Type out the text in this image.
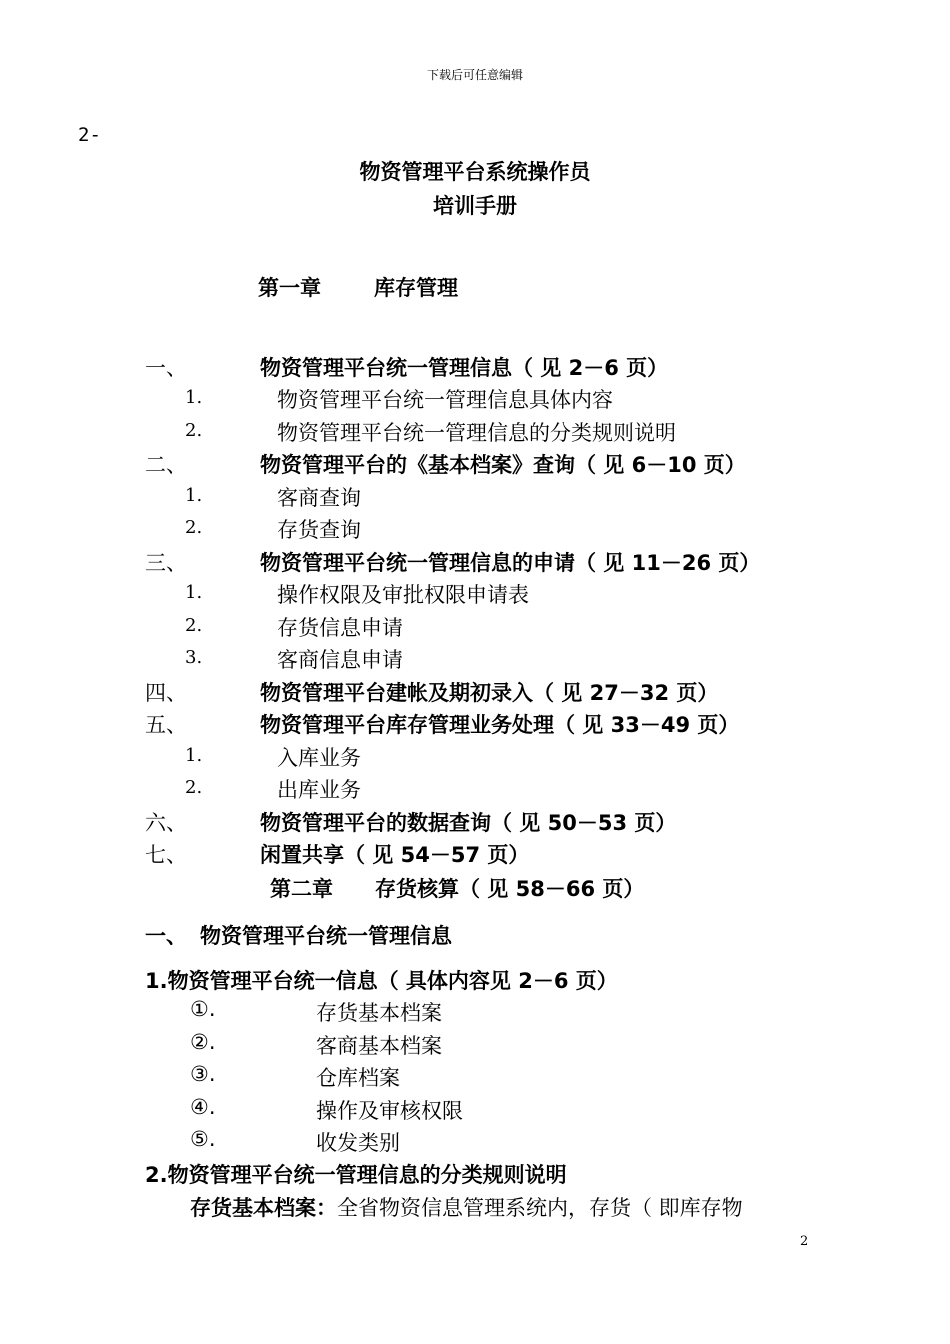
下载后可任意编辑
2-
物资管理平台系统操作员
培训手册
第一章	库存管理
一、	物资管理平台统一管理信息（ 见 2－6 页）
1.	物资管理平台统一管理信息具体内容
2.	物资管理平台统一管理信息的分类规则说明
二、	物资管理平台的《基本档案》查询（ 见 6－10 页）
1.	客商查询
2.	存货查询
三、	物资管理平台统一管理信息的申请（ 见 11－26 页）
1.	操作权限及审批权限申请表
2.	存货信息申请
3.	客商信息申请
四、	物资管理平台建帐及期初录入（ 见 27－32 页）
五、	物资管理平台库存管理业务处理（ 见 33－49 页）
1.	入库业务
2.	出库业务
六、	物资管理平台的数据查询（ 见 50－53 页）
七、	闲置共享（ 见 54－57 页）
第二章 存货核算（ 见 58－66 页）
一、 物资管理平台统一管理信息
1.物资管理平台统一信息（ 具体内容见 2－6 页）
①.	存货基本档案
②.	客商基本档案
③.	仓库档案
④.	操作及审核权限
⑤.	收发类别
2.物资管理平台统一管理信息的分类规则说明
存货基本档案：全省物资信息管理系统内，存货（ 即库存物
2
